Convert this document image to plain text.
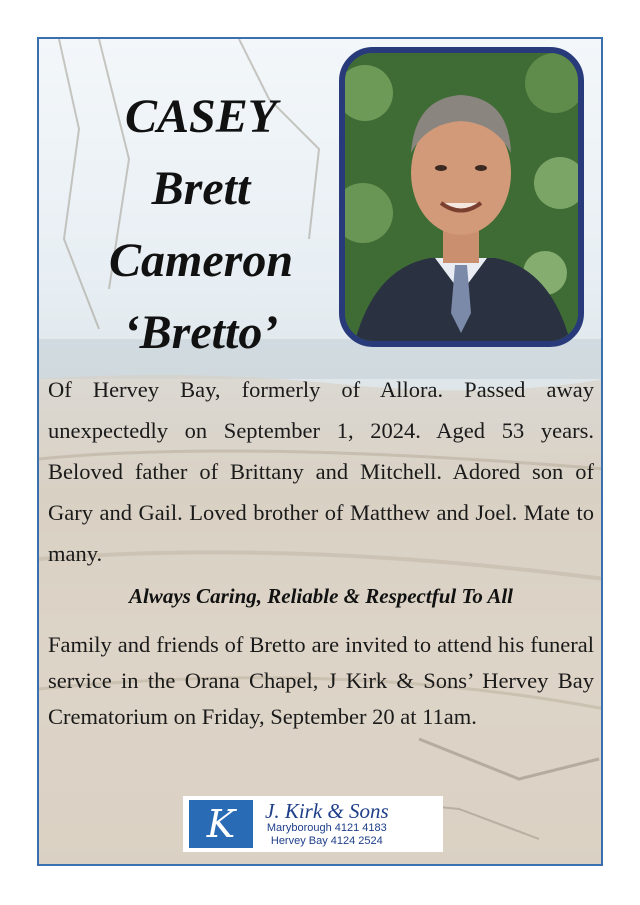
CASEY
Brett
Cameron
‘Bretto’
Of Hervey Bay, formerly of Allora. Passed away unexpectedly on September 1, 2024. Aged 53 years. Beloved father of Brittany and Mitchell. Adored son of Gary and Gail. Loved brother of Matthew and Joel. Mate to many.
Always Caring, Reliable & Respectful To All
Family and friends of Bretto are invited to attend his funeral service in the Orana Chapel, J Kirk & Sons’ Hervey Bay Crematorium on Friday, September 20 at 11am.
K	J. Kirk & Sons
Maryborough 4121 4183
Hervey Bay 4124 2524
